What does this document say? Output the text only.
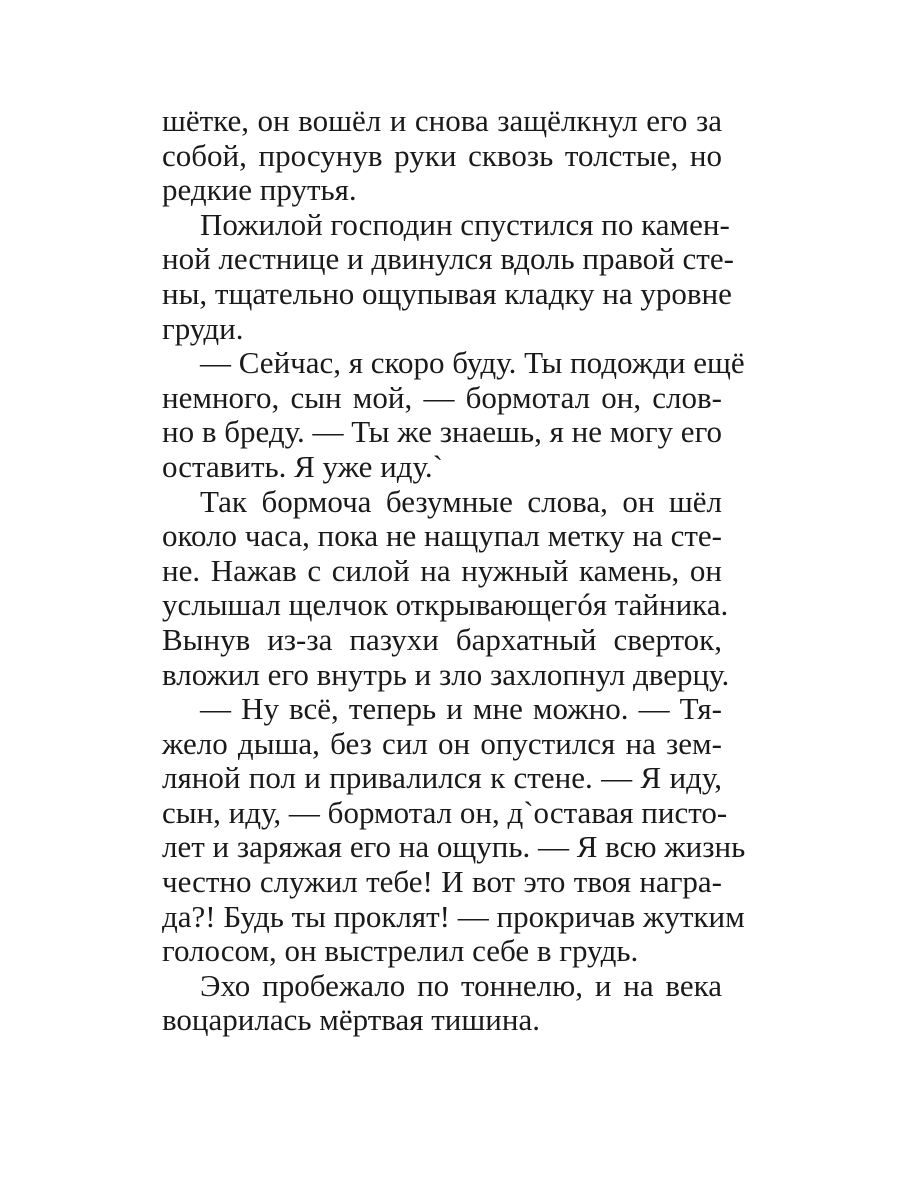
шётке, он вошёл и снова защёлкнул его за
собой, просунув руки сквозь толстые, но
редкие прутья.
Пожилой господин спустился по камен-
ной лестнице и двинулся вдоль правой сте-
ны, тщательно ощупывая кладку на уровне
груди.
— Сейчас, я скоро буду. Ты подожди ещё
немного, сын мой, — бормотал он, слов-
но в бреду. — Ты же знаешь, я не могу его
оставить. Я уже иду.`
Так бормоча безумные слова, он шёл
около часа, пока не нащупал метку на сте-
не. Нажав с силой на нужный камень, он
услышал щелчок открывающегóя тайника.
Вынув из-за пазухи бархатный сверток,
вложил его внутрь и зло захлопнул дверцу.
— Ну всё, теперь и мне можно. — Тя-
жело дыша, без сил он опустился на зем-
ляной пол и привалился к стене. — Я иду,
сын, иду, — бормотал он, д`оставая писто-
лет и заряжая его на ощупь. — Я всю жизнь
честно служил тебе! И вот это твоя награ-
да?! Будь ты проклят! — прокричав жутким
голосом, он выстрелил себе в грудь.
Эхо пробежало по тоннелю, и на века
воцарилась мёртвая тишина.
